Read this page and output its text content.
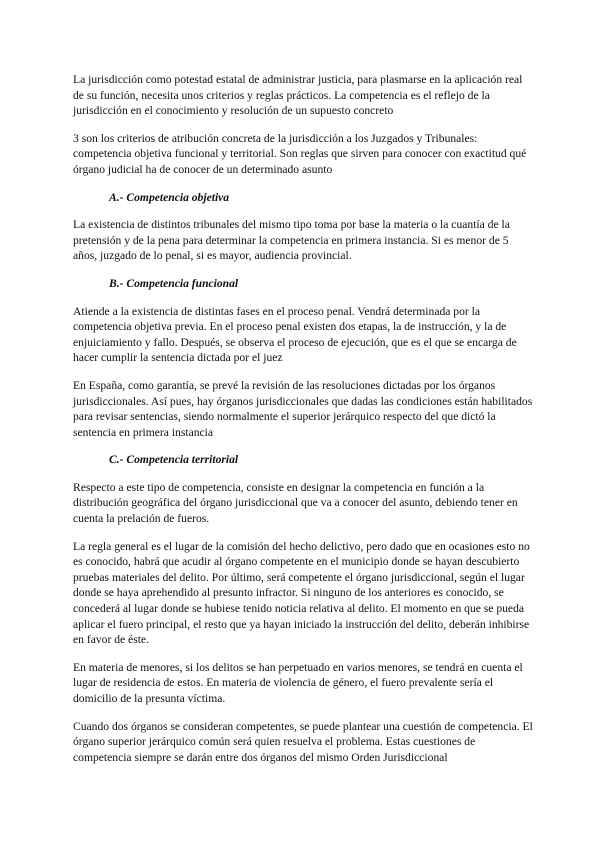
La jurisdicción como potestad estatal de administrar justicia, para plasmarse en la aplicación real de su función, necesita unos criterios y reglas prácticos. La competencia es el reflejo de la jurisdicción en el conocimiento y resolución de un supuesto concreto

3 son los criterios de atribución concreta de la jurisdicción a los Juzgados y Tribunales: competencia objetiva funcional y territorial. Son reglas que sirven para conocer con exactitud qué órgano judicial ha de conocer de un determinado asunto

A.- Competencia objetiva

La existencia de distintos tribunales del mismo tipo toma por base la materia o la cuantía de la pretensión y de la pena para determinar la competencia en primera instancia. Si es menor de 5 años, juzgado de lo penal, si es mayor, audiencia provincial.

B.- Competencia funcional

Atiende a la existencia de distintas fases en el proceso penal. Vendrá determinada por la competencia objetiva previa. En el proceso penal existen dos etapas, la de instrucción, y la de enjuiciamiento y fallo. Después, se observa el proceso de ejecución, que es el que se encarga de hacer cumplir la sentencia dictada por el juez

En España, como garantía, se prevé la revisión de las resoluciones dictadas por los órganos jurisdiccionales. Así pues, hay órganos jurisdiccionales que dadas las condiciones están habilitados para revisar sentencias, siendo normalmente el superior jerárquico respecto del que dictó la sentencia en primera instancia

C.- Competencia territorial

Respecto a este tipo de competencia, consiste en designar la competencia en función a la distribución geográfica del órgano jurisdiccional que va a conocer del asunto, debiendo tener en cuenta la prelación de fueros.

La regla general es el lugar de la comisión del hecho delictivo, pero dado que en ocasiones esto no es conocido, habrá que acudir al órgano competente en el municipio donde se hayan descubierto pruebas materiales del delito. Por último, será competente el órgano jurisdiccional, según el lugar donde se haya aprehendido al presunto infractor. Si ninguno de los anteriores es conocido, se concederá al lugar donde se hubiese tenido noticia relativa al delito. El momento en que se pueda aplicar el fuero principal, el resto que ya hayan iniciado la instrucción del delito, deberán inhibirse en favor de éste.

En materia de menores, si los delitos se han perpetuado en varios menores, se tendrá en cuenta el lugar de residencia de estos. En materia de violencia de género, el fuero prevalente sería el domicilio de la presunta víctima.

Cuando dos órganos se consideran competentes, se puede plantear una cuestión de competencia. El órgano superior jerárquico común será quien resuelva el problema. Estas cuestiones de competencia siempre se darán entre dos órganos del mismo Orden Jurisdiccional
